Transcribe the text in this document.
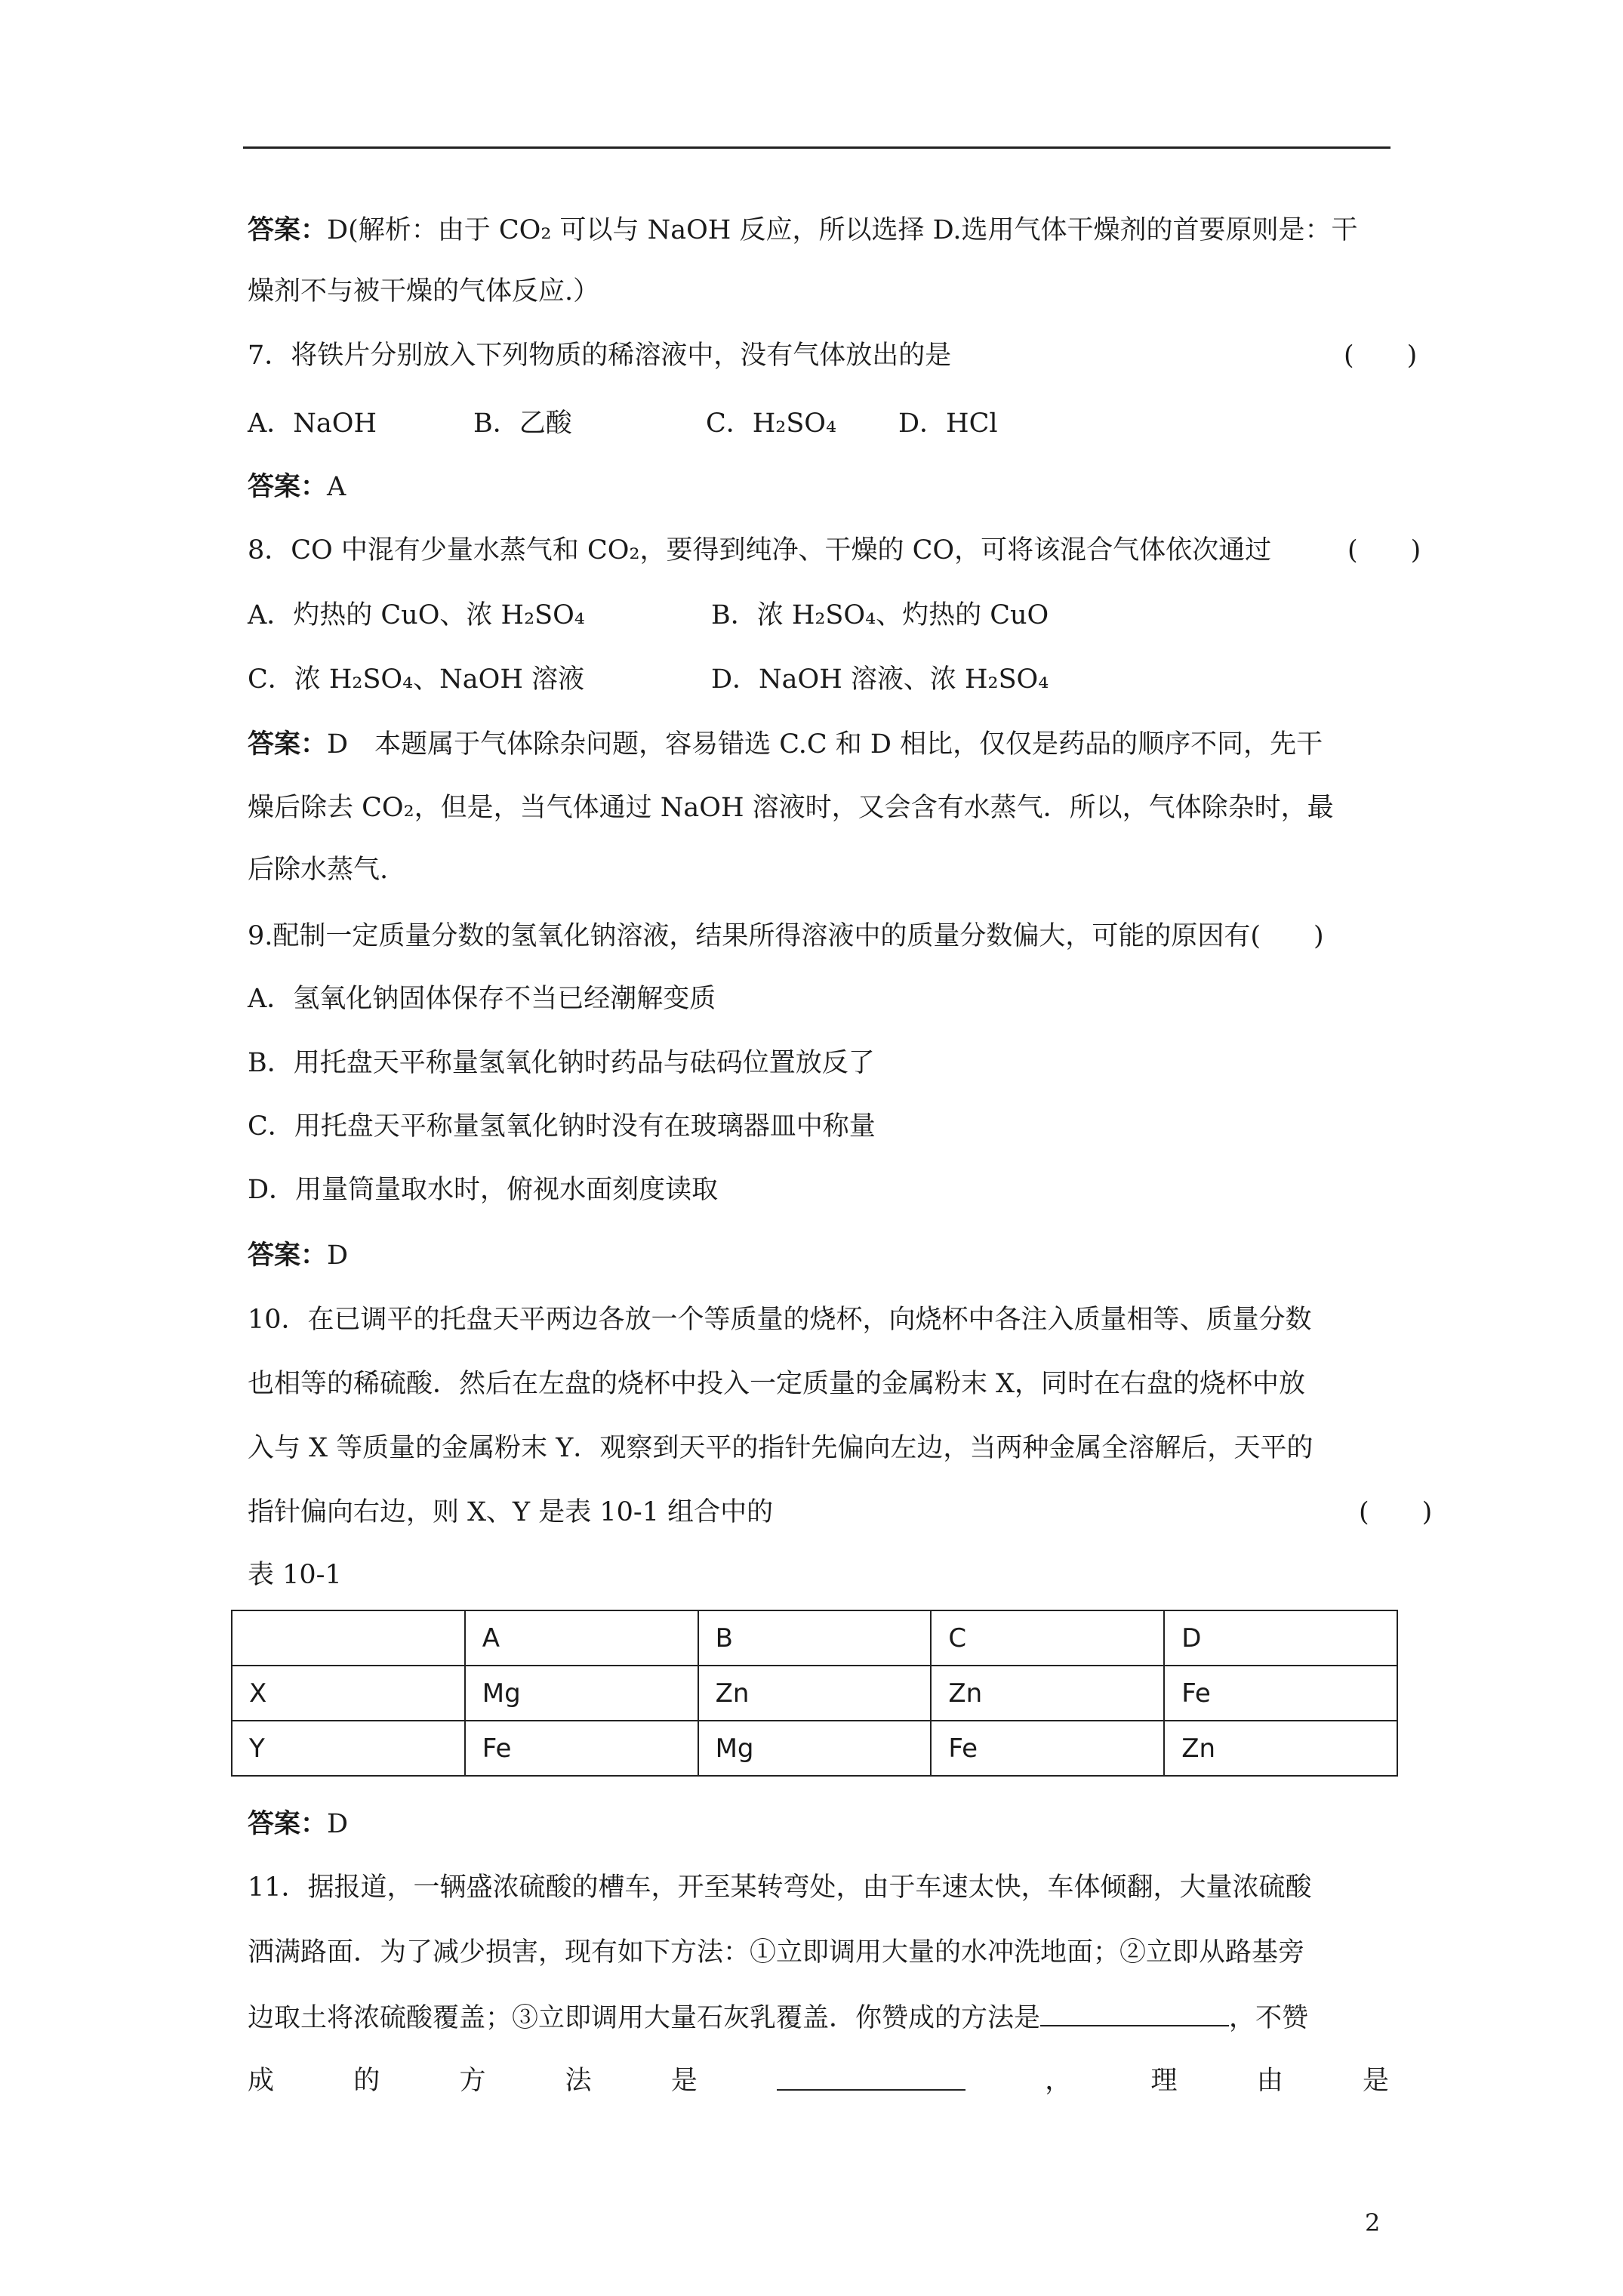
答案：D(解析：由于 CO₂ 可以与 NaOH 反应，所以选择 D.选用气体干燥剂的首要原则是：干
燥剂不与被干燥的气体反应.）
7．将铁片分别放入下列物质的稀溶液中，没有气体放出的是	(　　)
A．NaOH	B．乙酸	C．H₂SO₄ D．HCl
答案：A
8．CO 中混有少量水蒸气和 CO₂，要得到纯净、干燥的 CO，可将该混合气体依次通过	(　　)
A．灼热的 CuO、浓 H₂SO₄	B．浓 H₂SO₄、灼热的 CuO
C．浓 H₂SO₄、NaOH 溶液	D．NaOH 溶液、浓 H₂SO₄
答案：D　本题属于气体除杂问题，容易错选 C.C 和 D 相比，仅仅是药品的顺序不同，先干
燥后除去 CO₂，但是，当气体通过 NaOH 溶液时，又会含有水蒸气．所以，气体除杂时，最
后除水蒸气.
9.配制一定质量分数的氢氧化钠溶液，结果所得溶液中的质量分数偏大，可能的原因有(　　)
A．氢氧化钠固体保存不当已经潮解变质
B．用托盘天平称量氢氧化钠时药品与砝码位置放反了
C．用托盘天平称量氢氧化钠时没有在玻璃器皿中称量
D．用量筒量取水时，俯视水面刻度读取
答案：D
10．在已调平的托盘天平两边各放一个等质量的烧杯，向烧杯中各注入质量相等、质量分数
也相等的稀硫酸．然后在左盘的烧杯中投入一定质量的金属粉末 X，同时在右盘的烧杯中放
入与 X 等质量的金属粉末 Y．观察到天平的指针先偏向左边，当两种金属全溶解后，天平的
指针偏向右边，则 X、Y 是表 10-1 组合中的	(　　)
表 10-1
	A	B	C	D
X	Mg	Zn	Zn	Fe
Y	Fe	Mg	Fe	Zn
答案：D
11．据报道，一辆盛浓硫酸的槽车，开至某转弯处，由于车速太快，车体倾翻，大量浓硫酸
洒满路面．为了减少损害，现有如下方法：①立即调用大量的水冲洗地面；②立即从路基旁
边取土将浓硫酸覆盖；③立即调用大量石灰乳覆盖．你赞成的方法是	，不赞
成	的	方	法	是	，	理	由	是
2
